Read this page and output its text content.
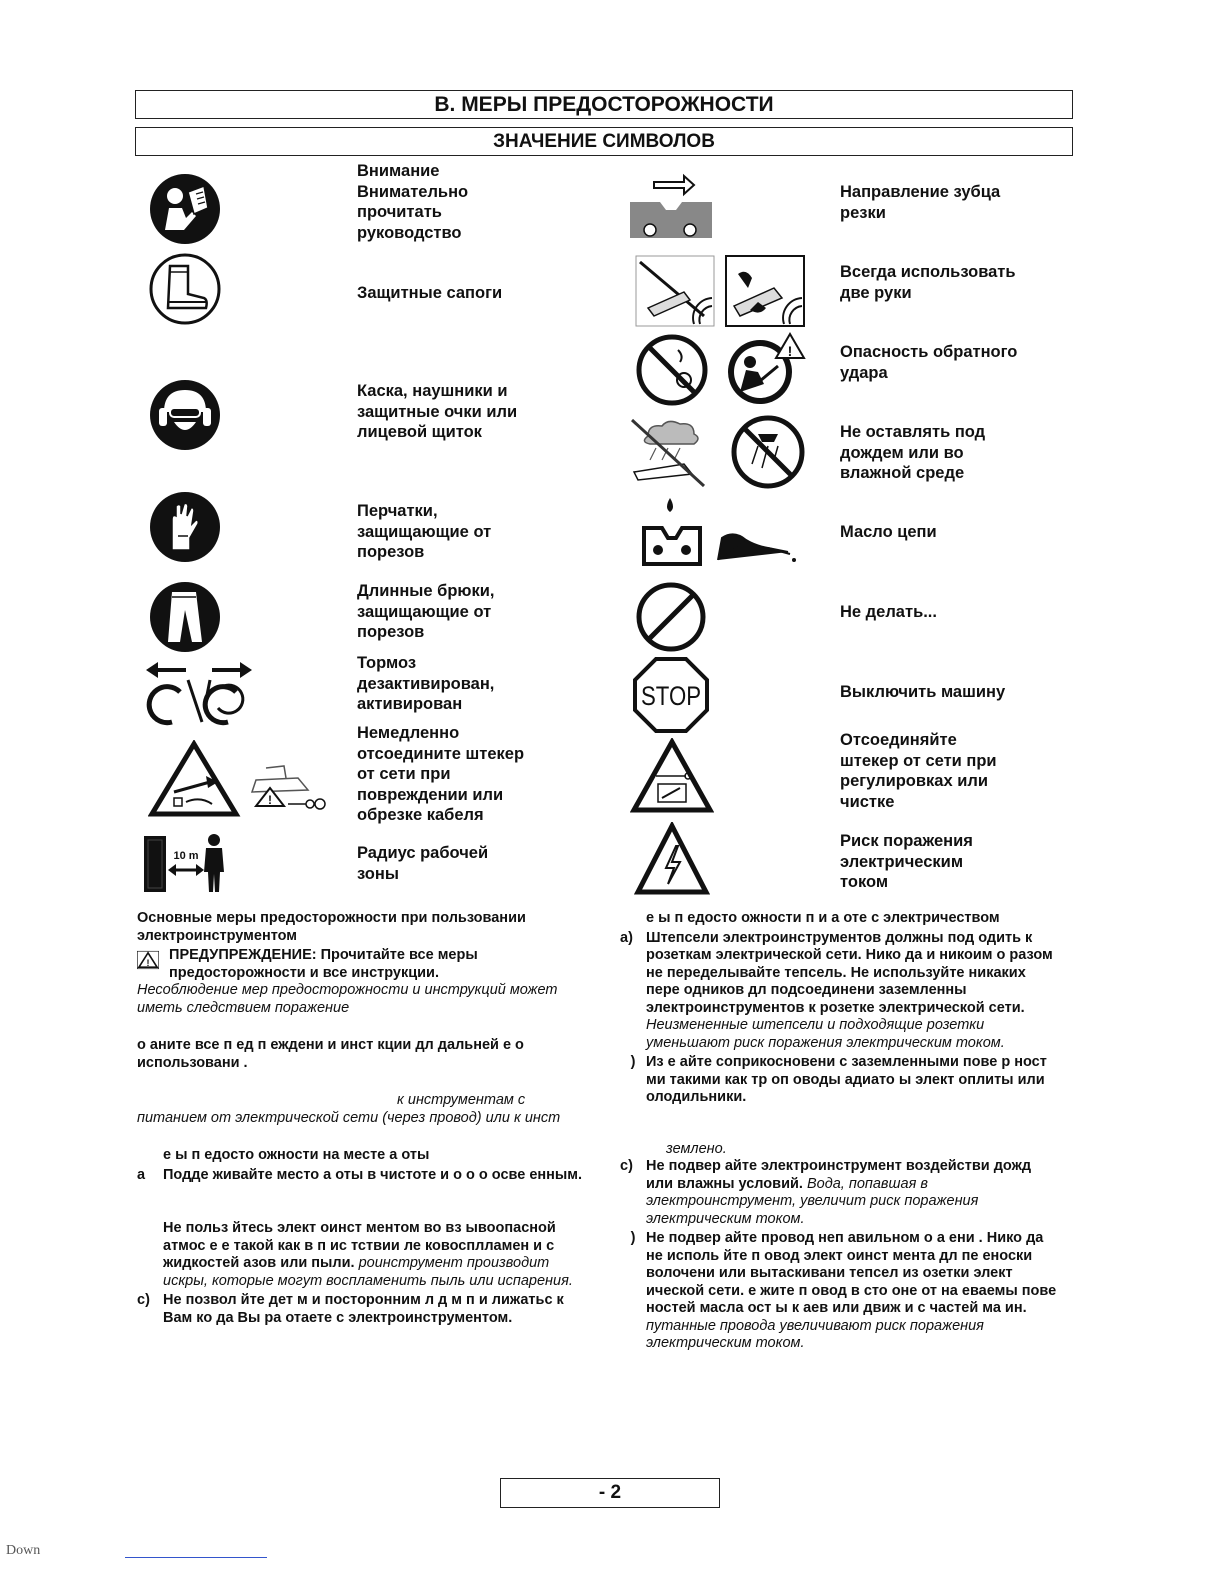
B. МЕРЫ ПРЕДОСТОРОЖНОСТИ
ЗНАЧЕНИЕ СИМВОЛОВ
Внимание
Внимательно
прочитать
руководство
Защитные сапоги
Каска, наушники и
защитные очки или
лицевой щиток
Перчатки,
защищающие от
порезов
Длинные брюки,
защищающие от
порезов
Тормоз
дезактивирован,
активирован
!
Немедленно
отсоедините штекер
от сети при
повреждении или
обрезке кабеля
10 m	Радиус рабочей
зоны
Направление зубца
резки
Всегда использовать
две руки
!	Опасность обратного
удара
Не оставлять под
дождем или во
влажной среде
Масло цепи
Не делать...
STOP	Выключить машину
Отсоединяйте
штекер от сети при
регулировках или
чистке
Риск поражения
электрическим
током

Основные меры предосторожности при пользовании электроинструментом

! ПРЕДУПРЕЖДЕНИЕ: Прочитайте все меры предосторожности и все инструкции.

Несоблюдение мер предосторожности и инструкций может иметь следствием поражение

о аните все п ед п еждени и инст кции дл дальней е о использовани .

к инструментам с питанием от электрической сети (через провод) или к инст

е ы п едосто ожности на месте а оты

a	Подде живайте место а оты в чистоте и о о о осве енным.
Не польз йтесь элект оинст ментом во вз ывоопасной атмос е е такой как в п ис тствии ле ковосплламен и с жидкостей азов или пыли. роинструмент производит искры, которые могут воспламенить пыль или испарения.
c) Не позвол йте дет м и посторонним л д м п и лижатьс к Вам ко да Вы ра отаете с электроинструментом.

е ы п едосто ожности п и а оте с электричеством

a) Штепсели электроинструментов должны под одить к розеткам электрической сети. Нико да и никоим о разом не переделывайте тепсель. Не используйте никаких пере одников дл подсоединени заземленны электроинструментов к розетке электрической сети. Неизмененные штепсели и подходящие розетки уменьшают риск поражения электрическим током.
) Из е айте соприкосновени с заземленными пове р ност ми такими как тр оп оводы адиато ы элект оплиты или олодильники.

землено.

c) Не подвер айте электроинструмент воздействи дожд или влажны условий. Вода, попавшая в электроинструмент, увеличит риск поражения электрическим током.
) Не подвер айте провод неп авильном о а ени . Нико да не исполь йте п овод элект оинст мента дл пе еноски волочени или вытаскивани тепсел из озетки элект ической сети. е жите п овод в сто оне от на еваемы пове ностей масла ост ы к аев или движ и с частей ма ин. путанные провода увеличивают риск поражения электрическим током.
- 2
Down
